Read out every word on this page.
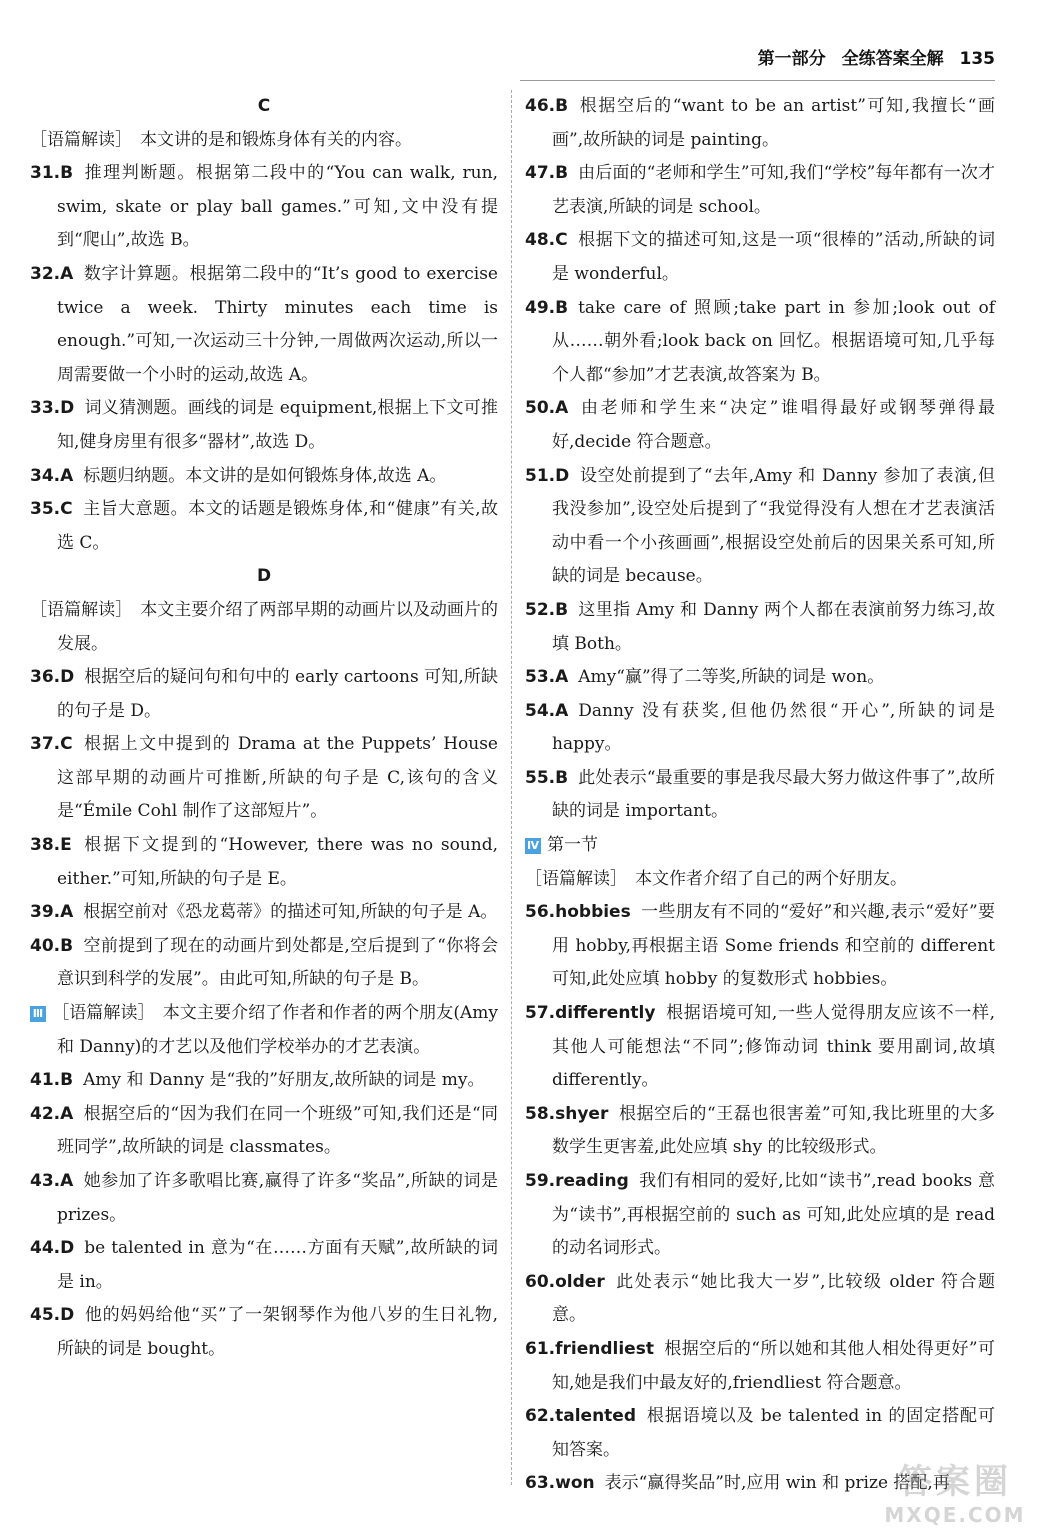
第一部分 全练答案全解 135
C
［语篇解读］ 本文讲的是和锻炼身体有关的内容。
31.B 推理判断题。根据第二段中的“You can walk, run, swim, skate or play ball games.”可知,文中没有提到“爬山”,故选 B。
32.A 数字计算题。根据第二段中的“It’s good to exercise twice a week. Thirty minutes each time is enough.”可知,一次运动三十分钟,一周做两次运动,所以一周需要做一个小时的运动,故选 A。
33.D 词义猜测题。画线的词是 equipment,根据上下文可推知,健身房里有很多“器材”,故选 D。
34.A 标题归纳题。本文讲的是如何锻炼身体,故选 A。
35.C 主旨大意题。本文的话题是锻炼身体,和“健康”有关,故选 C。
D
［语篇解读］ 本文主要介绍了两部早期的动画片以及动画片的发展。
36.D 根据空后的疑问句和句中的 early cartoons 可知,所缺的句子是 D。
37.C 根据上文中提到的 Drama at the Puppets’ House 这部早期的动画片可推断,所缺的句子是 C,该句的含义是“Émile Cohl 制作了这部短片”。
38.E 根据下文提到的“However, there was no sound, either.”可知,所缺的句子是 E。
39.A 根据空前对《恐龙葛蒂》的描述可知,所缺的句子是 A。
40.B 空前提到了现在的动画片到处都是,空后提到了“你将会意识到科学的发展”。由此可知,所缺的句子是 B。
Ⅲ ［语篇解读］ 本文主要介绍了作者和作者的两个朋友(Amy 和 Danny)的才艺以及他们学校举办的才艺表演。
41.B Amy 和 Danny 是“我的”好朋友,故所缺的词是 my。
42.A 根据空后的“因为我们在同一个班级”可知,我们还是“同班同学”,故所缺的词是 classmates。
43.A 她参加了许多歌唱比赛,赢得了许多“奖品”,所缺的词是 prizes。
44.D be talented in 意为“在……方面有天赋”,故所缺的词是 in。
45.D 他的妈妈给他“买”了一架钢琴作为他八岁的生日礼物,所缺的词是 bought。
46.B 根据空后的“want to be an artist”可知,我擅长“画画”,故所缺的词是 painting。
47.B 由后面的“老师和学生”可知,我们“学校”每年都有一次才艺表演,所缺的词是 school。
48.C 根据下文的描述可知,这是一项“很棒的”活动,所缺的词是 wonderful。
49.B take care of 照顾;take part in 参加;look out of 从……朝外看;look back on 回忆。根据语境可知,几乎每个人都“参加”才艺表演,故答案为 B。
50.A 由老师和学生来“决定”谁唱得最好或钢琴弹得最好,decide 符合题意。
51.D 设空处前提到了“去年,Amy 和 Danny 参加了表演,但我没参加”,设空处后提到了“我觉得没有人想在才艺表演活动中看一个小孩画画”,根据设空处前后的因果关系可知,所缺的词是 because。
52.B 这里指 Amy 和 Danny 两个人都在表演前努力练习,故填 Both。
53.A Amy“赢”得了二等奖,所缺的词是 won。
54.A Danny 没有获奖,但他仍然很“开心”,所缺的词是 happy。
55.B 此处表示“最重要的事是我尽最大努力做这件事了”,故所缺的词是 important。
Ⅳ 第一节
［语篇解读］ 本文作者介绍了自己的两个好朋友。
56.hobbies 一些朋友有不同的“爱好”和兴趣,表示“爱好”要用 hobby,再根据主语 Some friends 和空前的 different 可知,此处应填 hobby 的复数形式 hobbies。
57.differently 根据语境可知,一些人觉得朋友应该不一样,其他人可能想法“不同”;修饰动词 think 要用副词,故填 differently。
58.shyer 根据空后的“王磊也很害羞”可知,我比班里的大多数学生更害羞,此处应填 shy 的比较级形式。
59.reading 我们有相同的爱好,比如“读书”,read books 意为“读书”,再根据空前的 such as 可知,此处应填的是 read 的动名词形式。
60.older 此处表示“她比我大一岁”,比较级 older 符合题意。
61.friendliest 根据空后的“所以她和其他人相处得更好”可知,她是我们中最友好的,friendliest 符合题意。
62.talented 根据语境以及 be talented in 的固定搭配可知答案。
63.won 表示“赢得奖品”时,应用 win 和 prize 搭配,再
答案圈
MXQE.COM
